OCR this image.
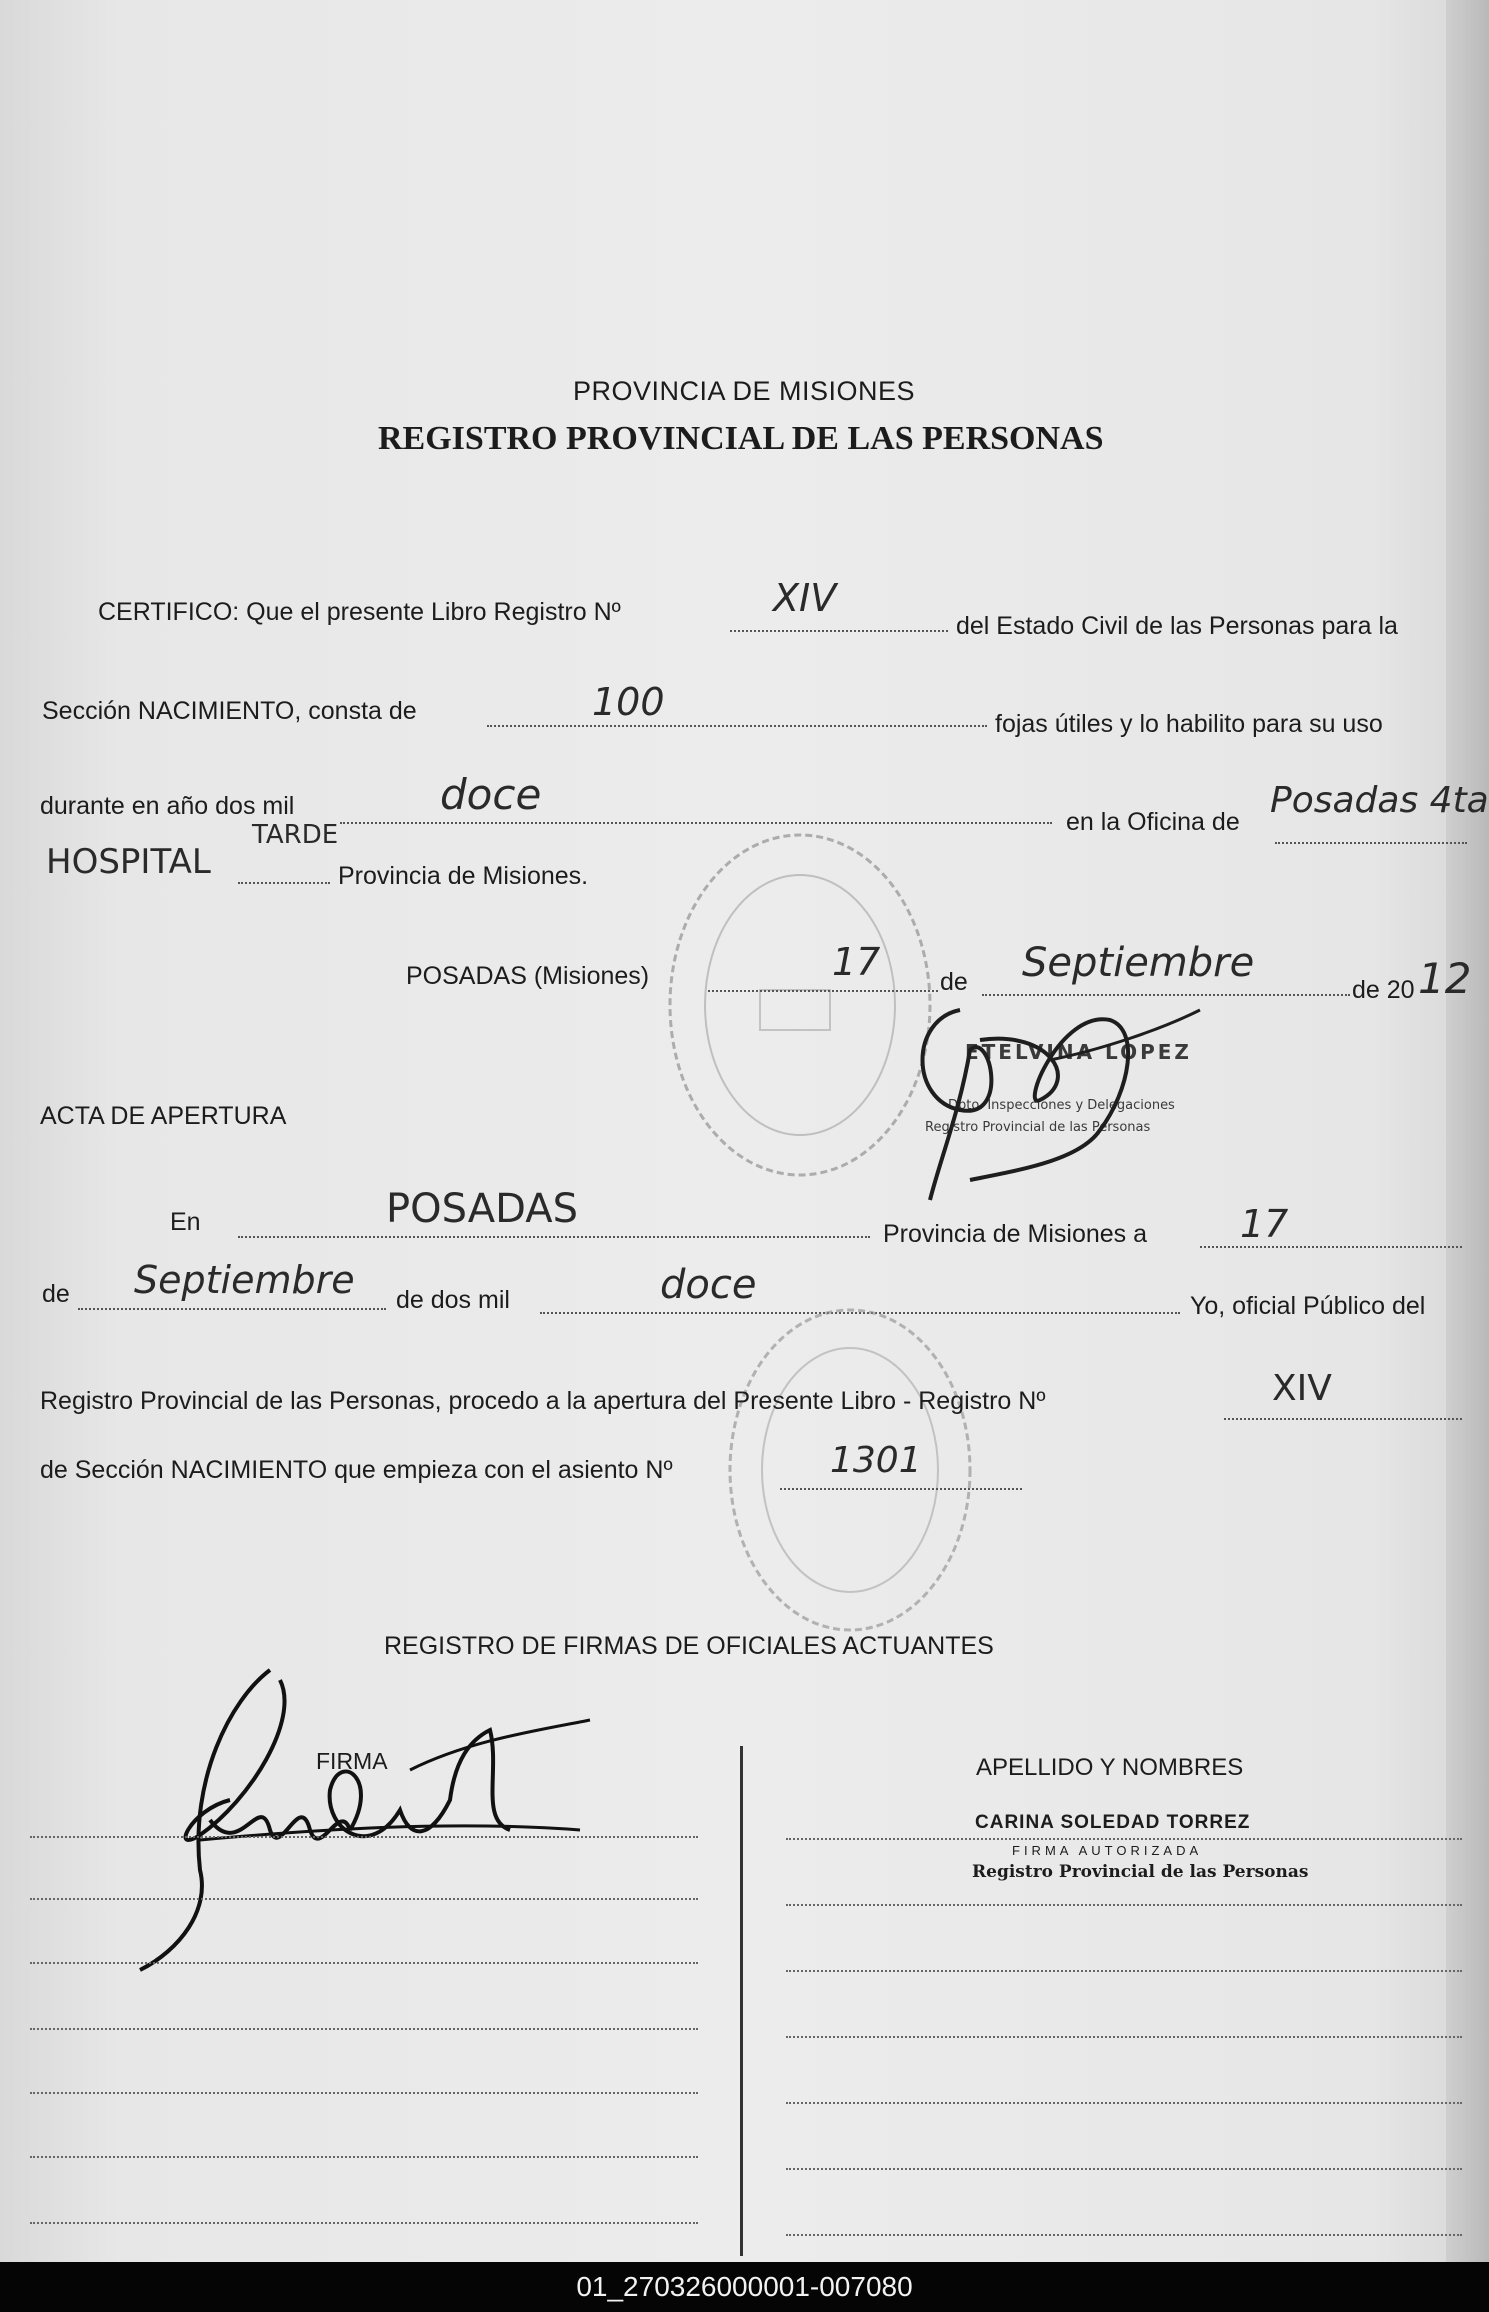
PROVINCIA DE MISIONES
REGISTRO PROVINCIAL DE LAS PERSONAS
CERTIFICO: Que el presente Libro Registro Nº	XIV
del Estado Civil de las Personas para la
Sección NACIMIENTO, consta de	100	fojas útiles y lo habilito para su uso
durante en año dos mil	doce
en la Oficina de
Posadas 4ta
HOSPITAL
TARDE
Provincia de Misiones.
POSADAS (Misiones)	17 de Septiembre
de 20 12
ETELVINA LOPEZ
Dpto. Inspecciones y Delegaciones
Registro Provincial de las Personas
ACTA DE APERTURA
En	POSADAS
Provincia de Misiones a 17
de Septiembre de dos mil	doce	Yo, oficial Público del
Registro Provincial de las Personas, procedo a la apertura del Presente Libro - Registro Nº	XIV
de Sección NACIMIENTO que empieza con el asiento Nº	1301
REGISTRO DE FIRMAS DE OFICIALES ACTUANTES
FIRMA	APELLIDO Y NOMBRES
CARINA SOLEDAD TORREZ
FIRMA AUTORIZADA
Registro Provincial de las Personas
01_270326000001-007080
